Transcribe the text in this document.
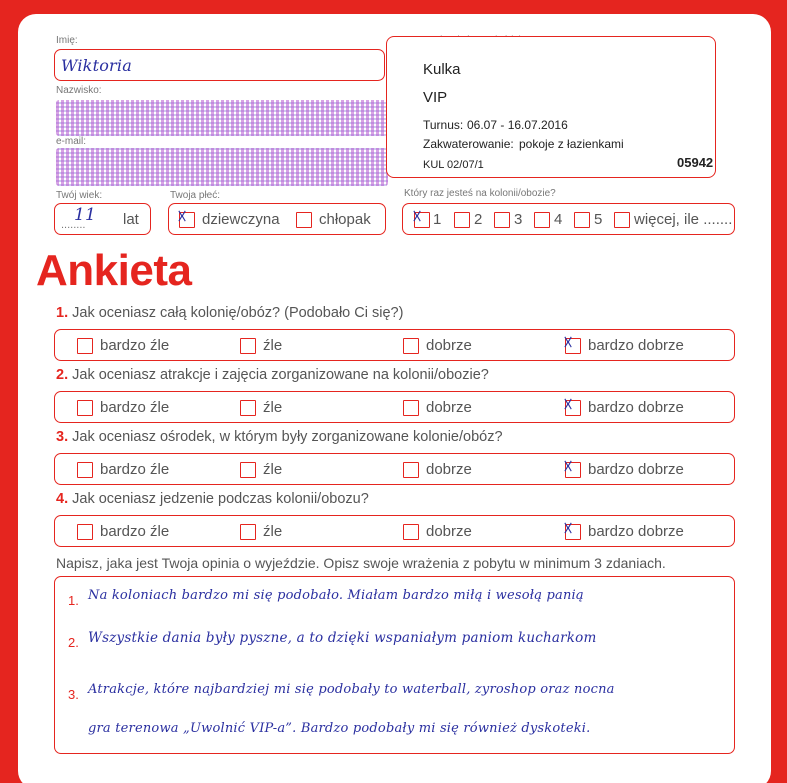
Imię:
Wiktoria
Nazwisko:
e-mail:
Twój wiek:
........
11 lat
Twoja płeć:
☓ dziewczyna	chłopak
Kulka
VIP
Turnus: 06.07 - 16.07.2016
Zakwaterowanie: pokoje z łazienkami
KUL 02/07/1	05942
Który raz jesteś na kolonii/obozie?
☓ 1 2 3 4 5 więcej, ile .......
Ankieta
1. Jak oceniasz całą kolonię/obóz? (Podobało Ci się?)
bardzo źle	źle	dobrze	☓ bardzo dobrze
2. Jak oceniasz atrakcje i zajęcia zorganizowane na kolonii/obozie?
bardzo źle	źle	dobrze	☓ bardzo dobrze
3. Jak oceniasz ośrodek, w którym były zorganizowane kolonie/obóz?
bardzo źle	źle	dobrze	☓ bardzo dobrze
4. Jak oceniasz jedzenie podczas kolonii/obozu?
bardzo źle	źle	dobrze	☓ bardzo dobrze
Napisz, jaka jest Twoja opinia o wyjeździe. Opisz swoje wrażenia z pobytu w minimum 3 zdaniach.
1. Na koloniach bardzo mi się podobało. Miałam bardzo miłą i wesołą panią
2. Wszystkie dania były pyszne, a to dzięki wspaniałym paniom kucharkom
3. Atrakcje, które najbardziej mi się podobały to waterball, zyroshop oraz nocna
gra terenowa „Uwolnić VIP-a”. Bardzo podobały mi się również dyskoteki.
